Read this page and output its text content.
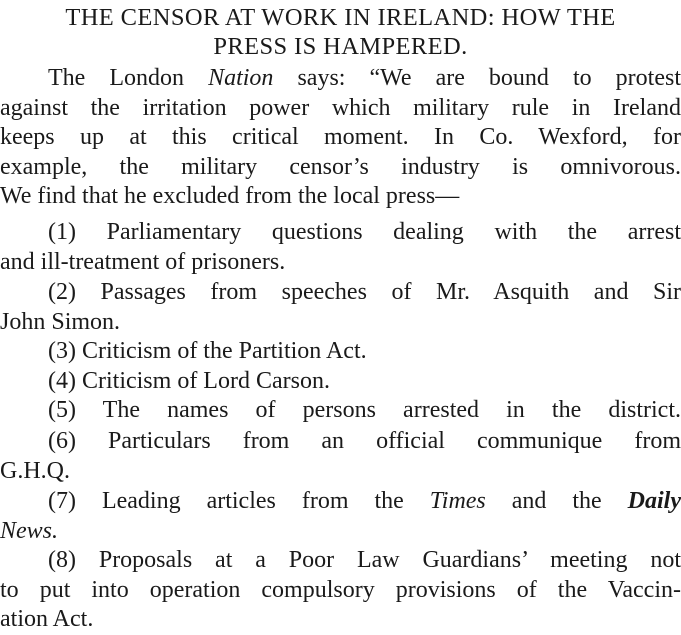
THE CENSOR AT WORK IN IRELAND: HOW THE
PRESS IS HAMPERED.
The London Nation says: “We are bound to protest
against the irritation power which military rule in Ireland
keeps up at this critical moment. In Co. Wexford, for
example, the military censor’s industry is omnivorous.
We find that he excluded from the local press—
(1) Parliamentary questions dealing with the arrest
and ill-treatment of prisoners.
(2) Passages from speeches of Mr. Asquith and Sir
John Simon.
(3) Criticism of the Partition Act.
(4) Criticism of Lord Carson.
(5) The names of persons arrested in the district.
(6) Particulars from an official communique from
G.H.Q.
(7) Leading articles from the Times and the Daily
News.
(8) Proposals at a Poor Law Guardians’ meeting not
to put into operation compulsory provisions of the Vaccin-
ation Act.
